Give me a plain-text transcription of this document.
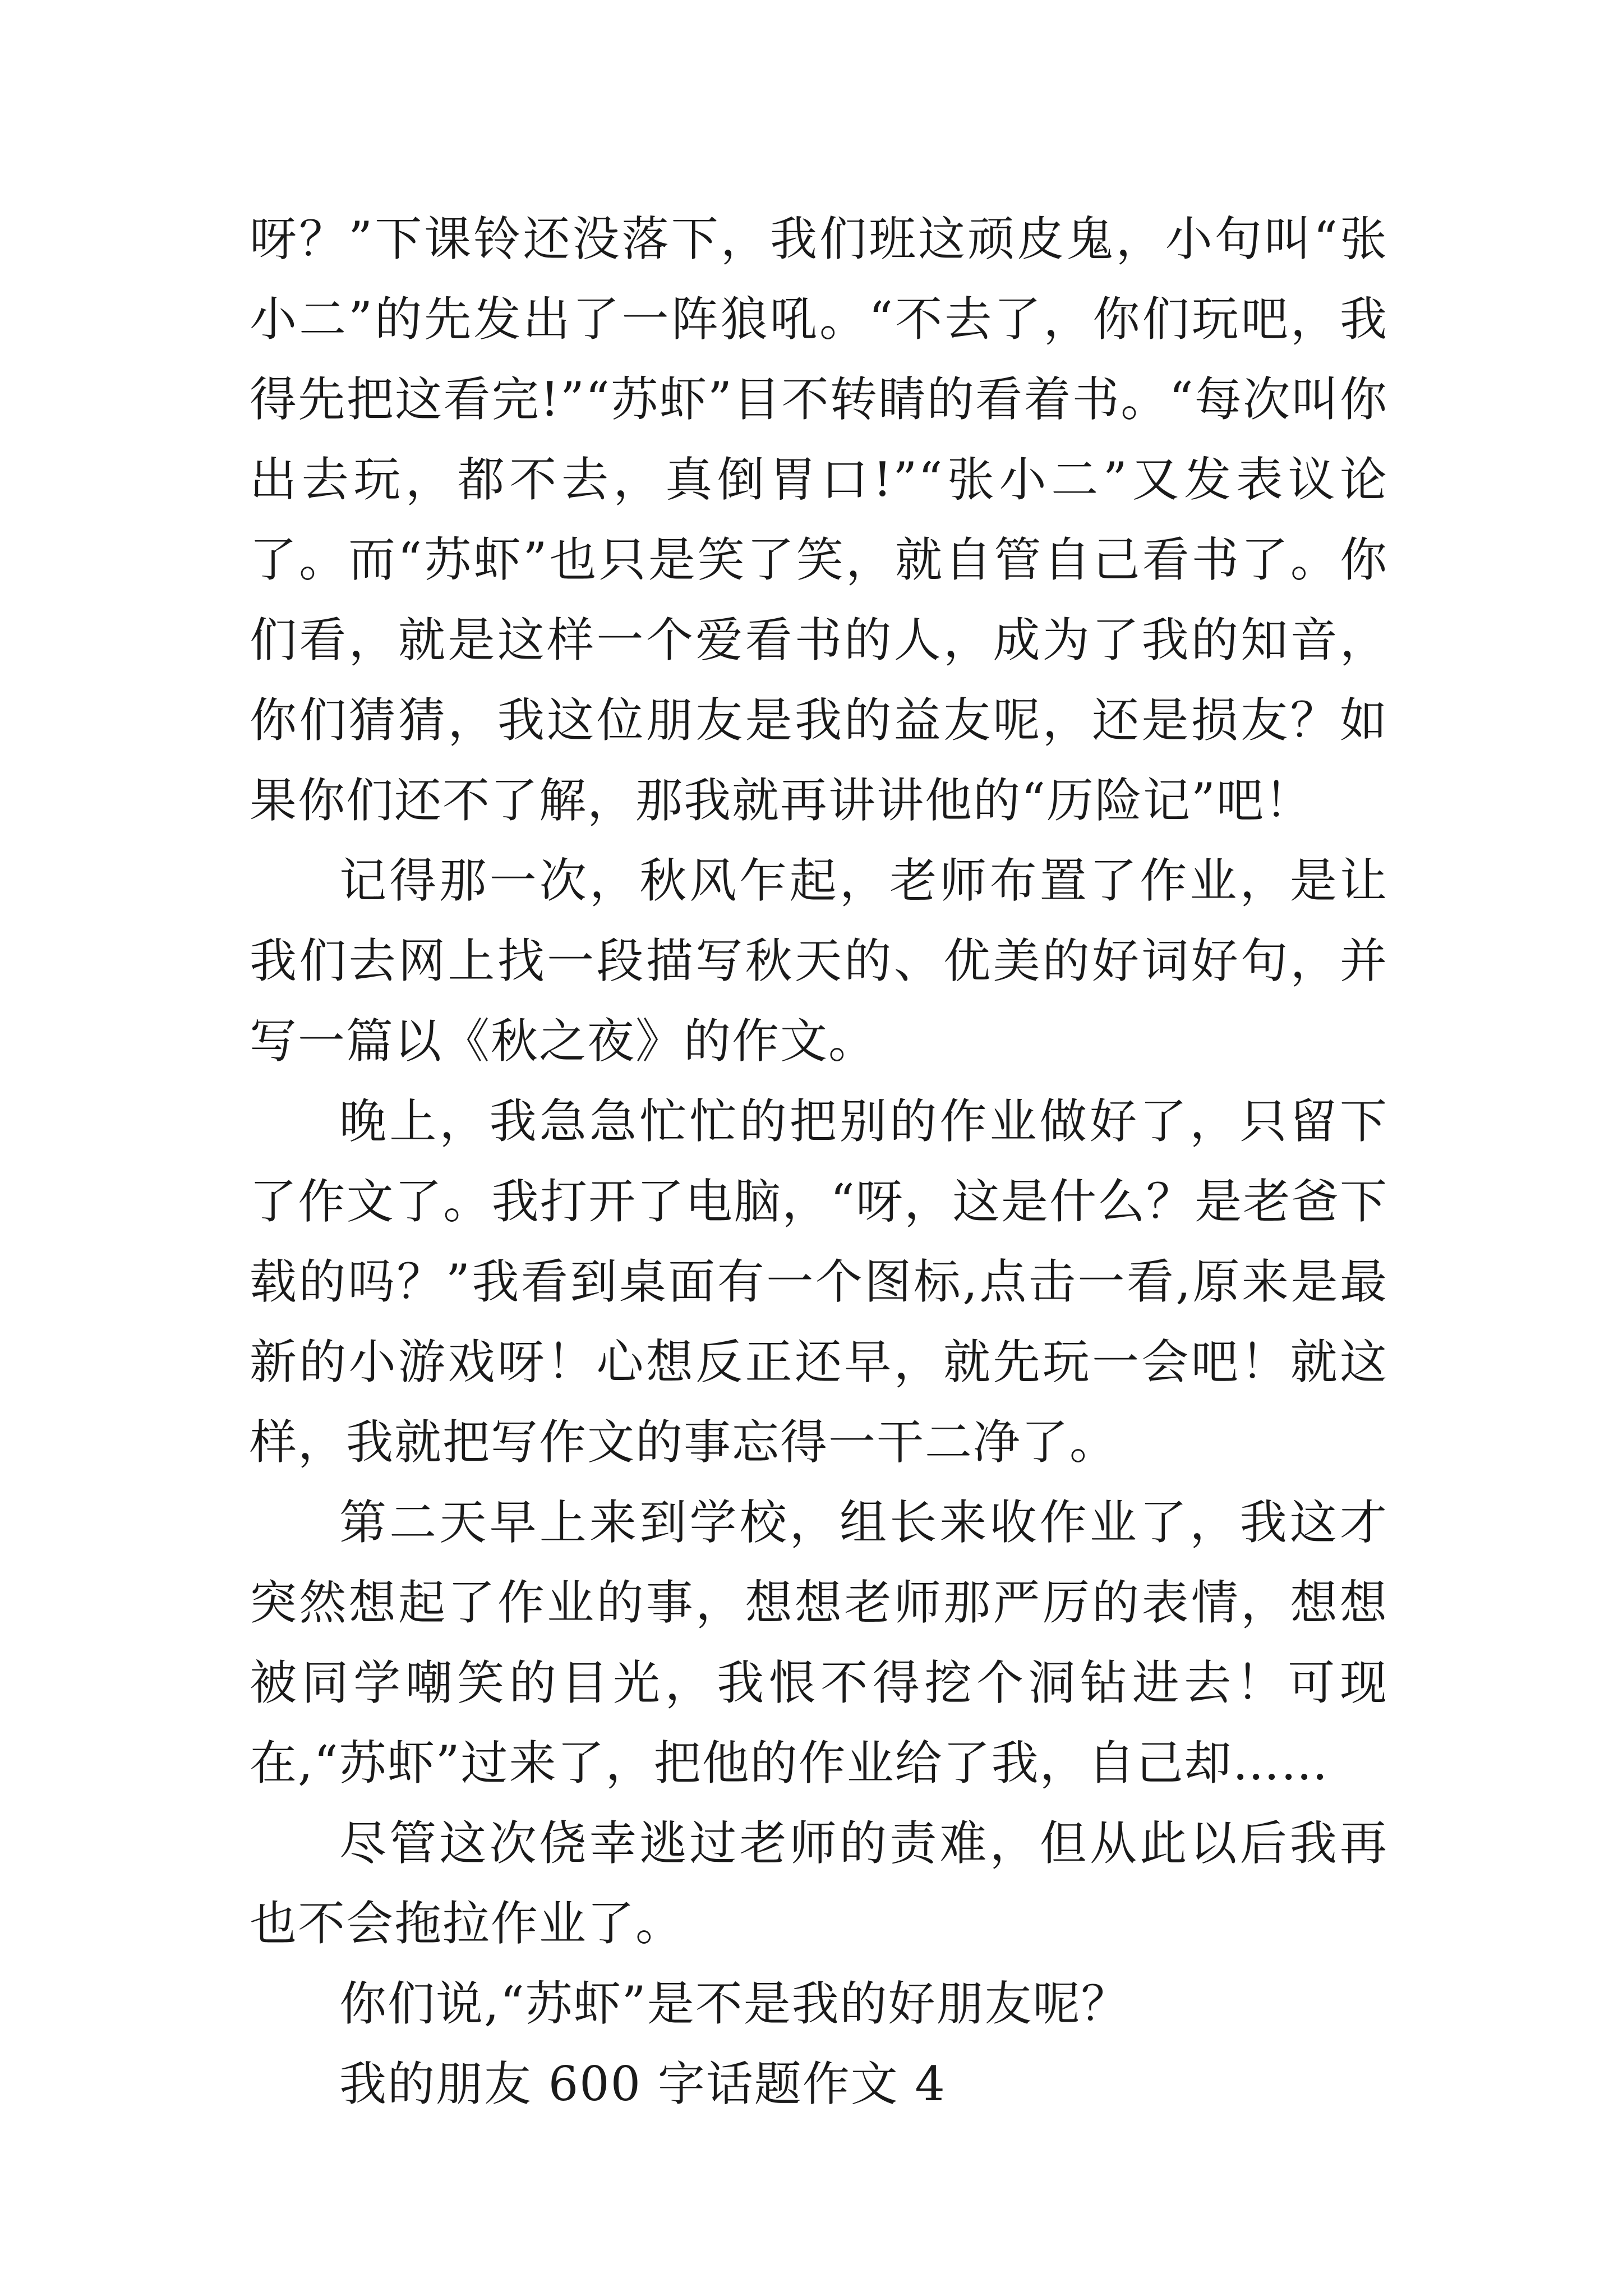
呀？”下课铃还没落下，我们班这顽皮鬼，小句叫“张小二”的先发出了一阵狼吼。“不去了，你们玩吧，我得先把这看完!”“苏虾”目不转睛的看着书。“每次叫你出去玩，都不去，真倒胃口!”“张小二”又发表议论了。而“苏虾”也只是笑了笑，就自管自己看书了。你们看，就是这样一个爱看书的人，成为了我的知音，你们猜猜，我这位朋友是我的益友呢，还是损友？如果你们还不了解，那我就再讲讲他的“历险记”吧！

记得那一次，秋风乍起，老师布置了作业，是让我们去网上找一段描写秋天的、优美的好词好句，并写一篇以《秋之夜》的作文。

晚上，我急急忙忙的把别的作业做好了，只留下了作文了。我打开了电脑，“呀，这是什么？是老爸下载的吗？”我看到桌面有一个图标,点击一看,原来是最新的小游戏呀！心想反正还早，就先玩一会吧！就这样，我就把写作文的事忘得一干二净了。

第二天早上来到学校，组长来收作业了，我这才突然想起了作业的事，想想老师那严厉的表情，想想被同学嘲笑的目光，我恨不得挖个洞钻进去！可现在,“苏虾”过来了，把他的作业给了我，自己却……

尽管这次侥幸逃过老师的责难，但从此以后我再也不会拖拉作业了。

你们说,“苏虾”是不是我的好朋友呢？

我的朋友 600 字话题作文 4
